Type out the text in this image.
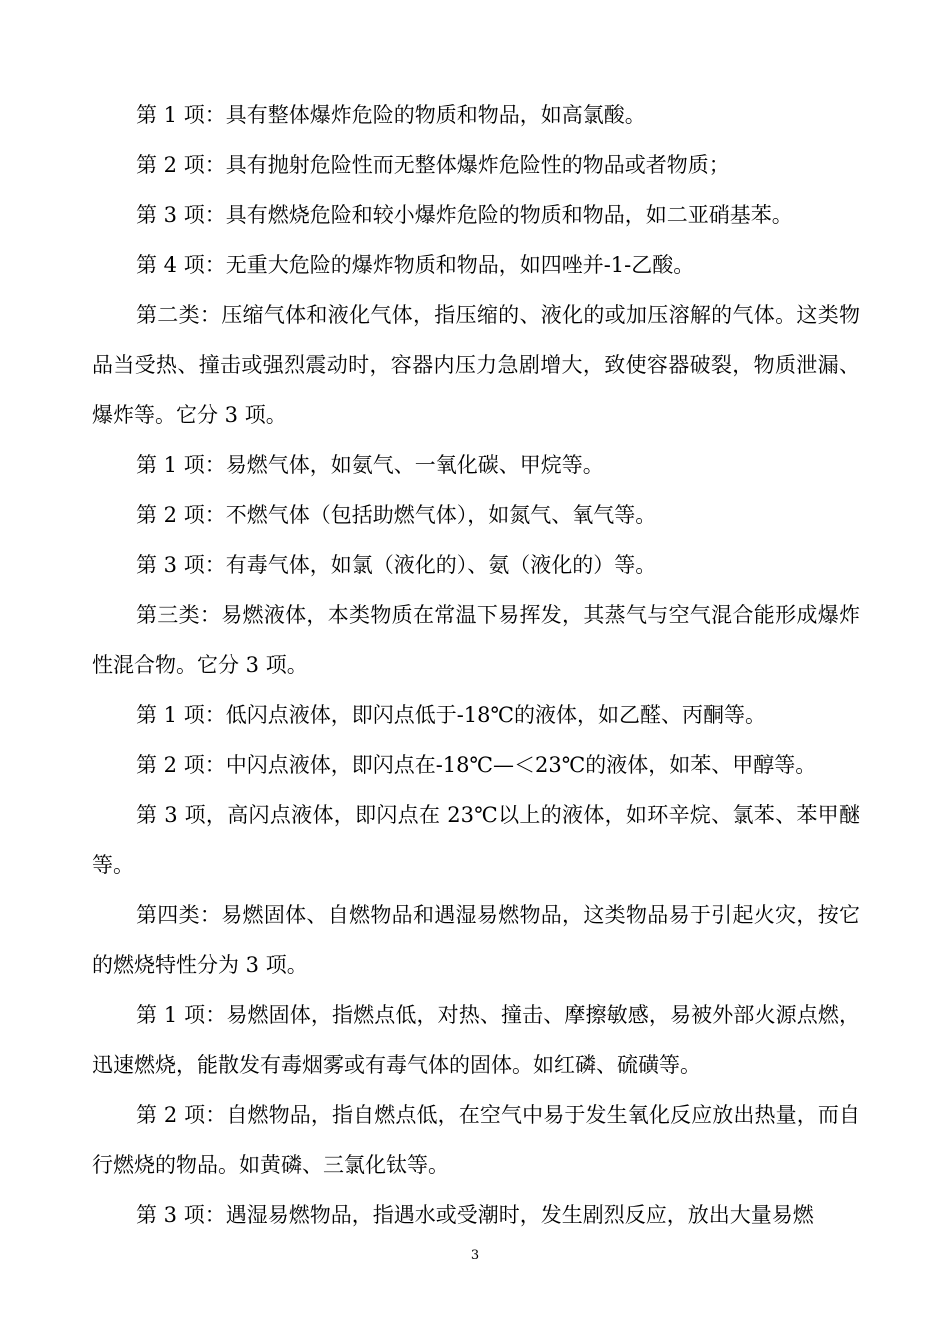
第 1 项：具有整体爆炸危险的物质和物品，如高氯酸。

第 2 项：具有抛射危险性而无整体爆炸危险性的物品或者物质；

第 3 项：具有燃烧危险和较小爆炸危险的物质和物品，如二亚硝基苯。

第 4 项：无重大危险的爆炸物质和物品，如四唑并-1-乙酸。

第二类：压缩气体和液化气体，指压缩的、液化的或加压溶解的气体。这类物品当受热、撞击或强烈震动时，容器内压力急剧增大，致使容器破裂，物质泄漏、爆炸等。它分 3 项。

第 1 项：易燃气体，如氨气、一氧化碳、甲烷等。

第 2 项：不燃气体（包括助燃气体），如氮气、氧气等。

第 3 项：有毒气体，如氯（液化的）、氨（液化的）等。

第三类：易燃液体，本类物质在常温下易挥发，其蒸气与空气混合能形成爆炸性混合物。它分 3 项。

第 1 项：低闪点液体，即闪点低于-18℃的液体，如乙醛、丙酮等。

第 2 项：中闪点液体，即闪点在-18℃—＜23℃的液体，如苯、甲醇等。

第 3 项，高闪点液体，即闪点在 23℃以上的液体，如环辛烷、氯苯、苯甲醚等。

第四类：易燃固体、自燃物品和遇湿易燃物品，这类物品易于引起火灾，按它的燃烧特性分为 3 项。

第 1 项：易燃固体，指燃点低，对热、撞击、摩擦敏感，易被外部火源点燃，迅速燃烧，能散发有毒烟雾或有毒气体的固体。如红磷、硫磺等。

第 2 项：自燃物品，指自燃点低，在空气中易于发生氧化反应放出热量，而自行燃烧的物品。如黄磷、三氯化钛等。

第 3 项：遇湿易燃物品，指遇水或受潮时，发生剧烈反应，放出大量易燃

3
